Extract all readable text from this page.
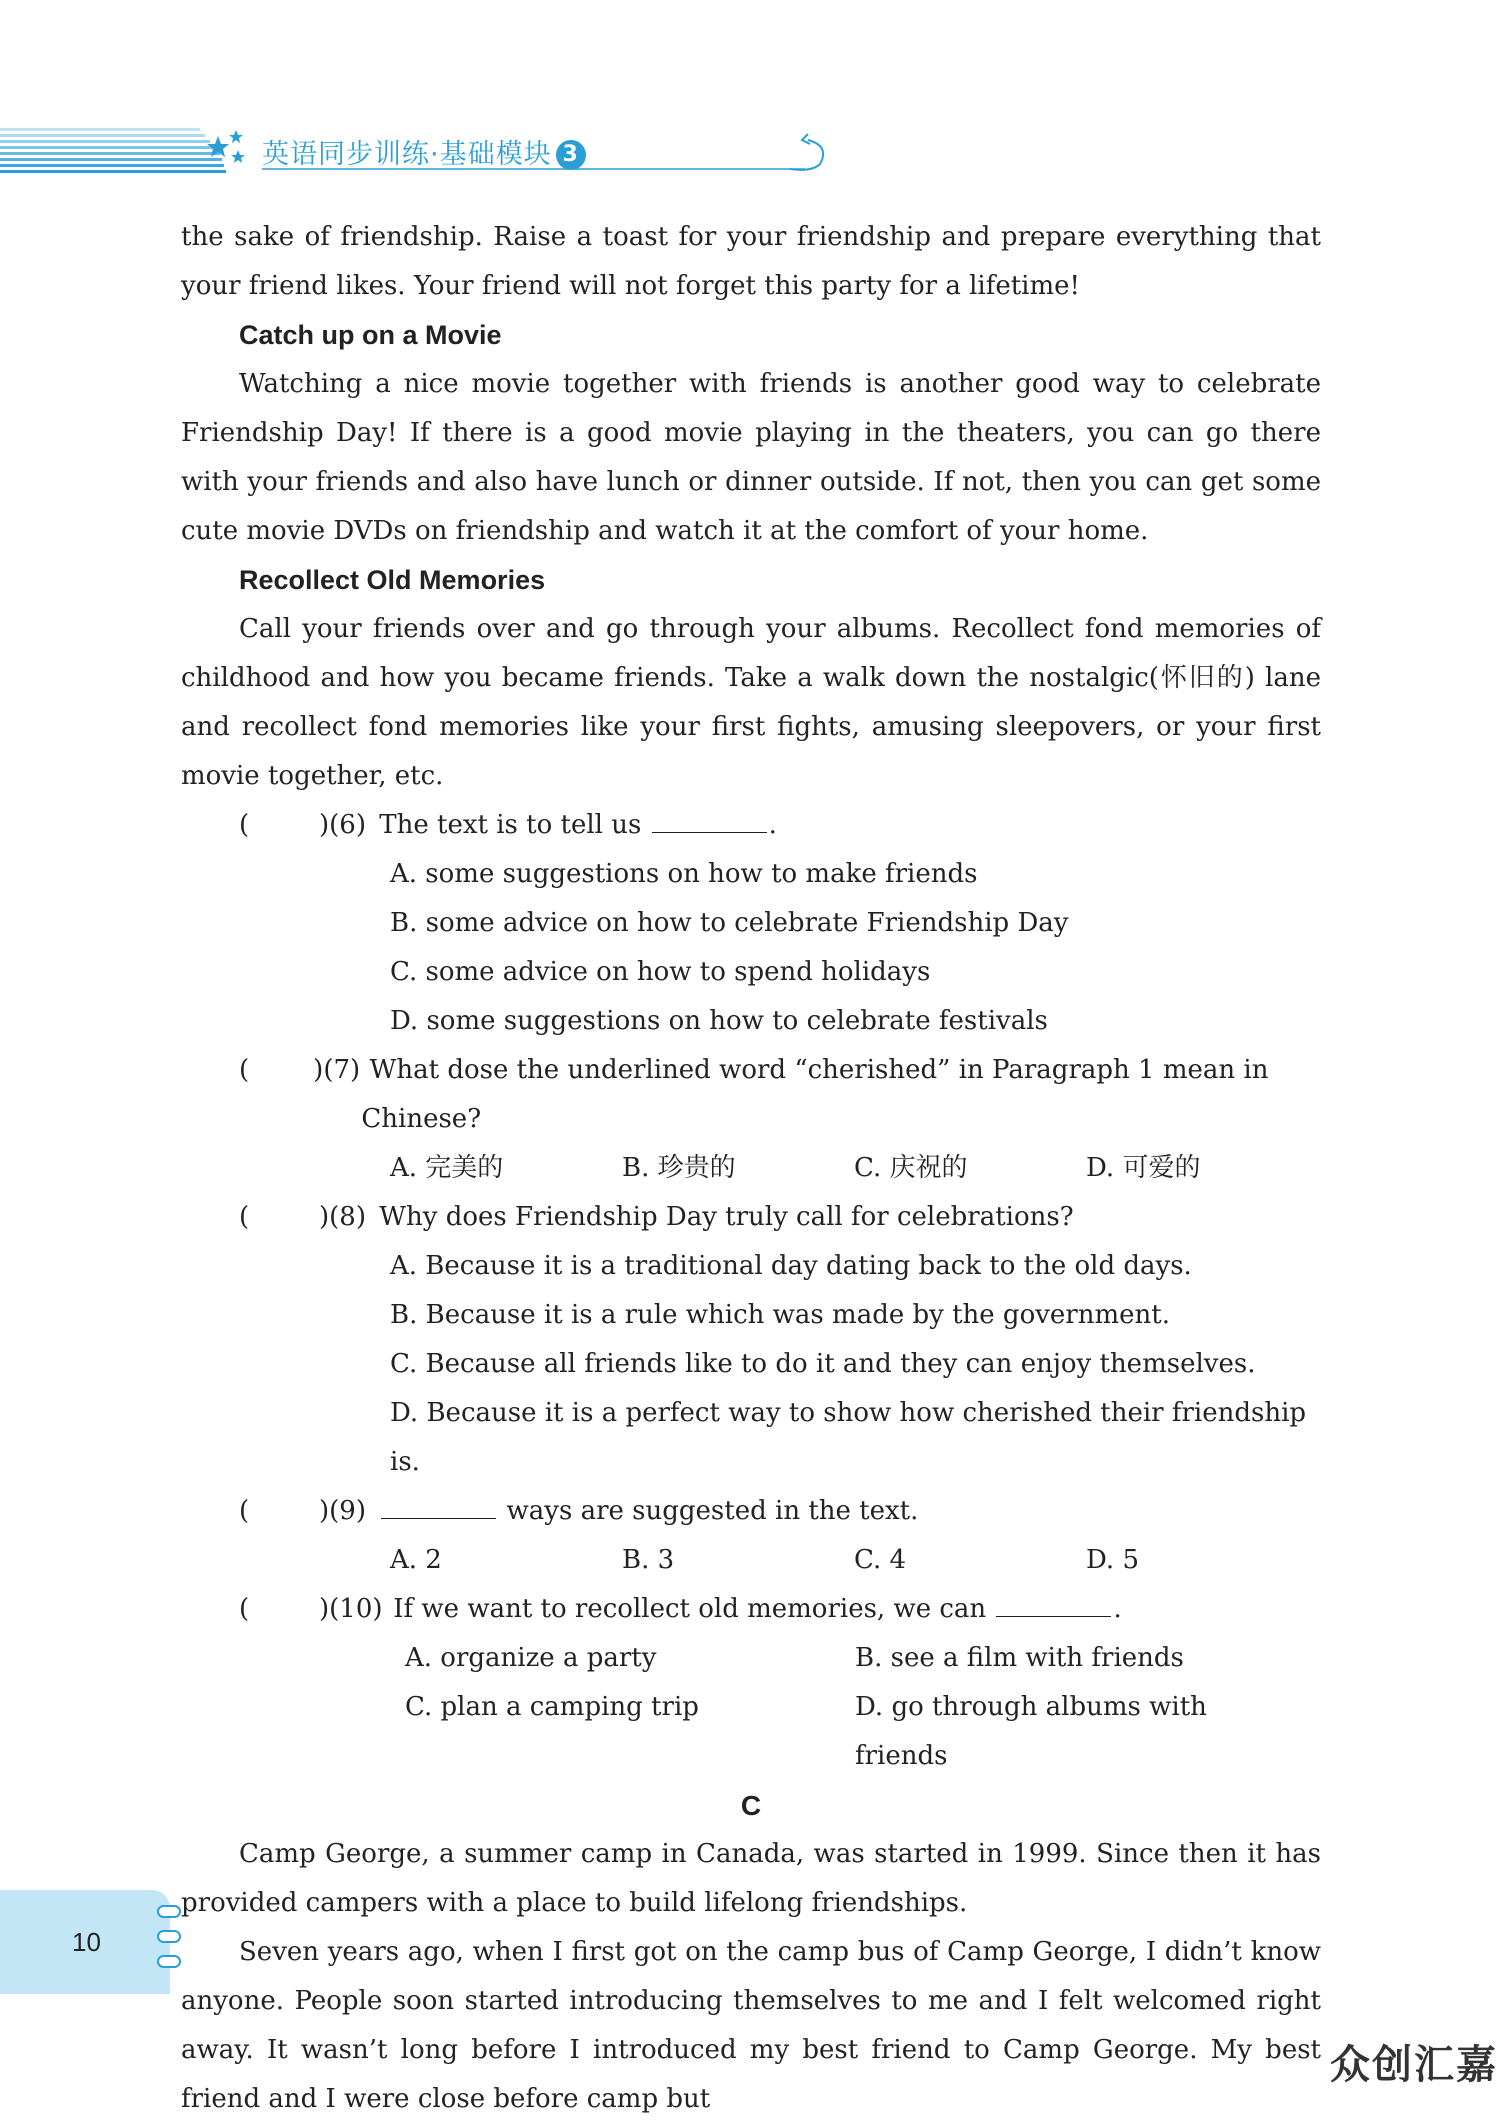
英语同步训练·基础模块 3

the sake of friendship. Raise a toast for your friendship and prepare everything that your friend likes. Your friend will not forget this party for a lifetime!

Catch up on a Movie

Watching a nice movie together with friends is another good way to celebrate Friendship Day! If there is a good movie playing in the theaters, you can go there with your friends and also have lunch or dinner outside. If not, then you can get some cute movie DVDs on friendship and watch it at the comfort of your home.

Recollect Old Memories

Call your friends over and go through your albums. Recollect fond memories of childhood and how you became friends. Take a walk down the nostalgic(怀旧的) lane and recollect fond memories like your first fights, amusing sleepovers, or your first movie together, etc.

(	)(6) The text is to tell us	.
A. some suggestions on how to make friends
B. some advice on how to celebrate Friendship Day
C. some advice on how to spend holidays
D. some suggestions on how to celebrate festivals
(	)(7) What dose the underlined word “cherished” in Paragraph 1 mean in Chinese?
A. 完美的	B. 珍贵的	C. 庆祝的	D. 可爱的
(	)(8) Why does Friendship Day truly call for celebrations?
A. Because it is a traditional day dating back to the old days.
B. Because it is a rule which was made by the government.
C. Because all friends like to do it and they can enjoy themselves.
D. Because it is a perfect way to show how cherished their friendship is.
(	)(9)	ways are suggested in the text.
A. 2	B. 3	C. 4	D. 5
(	)(10) If we want to recollect old memories, we can	.
A. organize a party	B. see a film with friends
C. plan a camping trip	D. go through albums with friends
C

Camp George, a summer camp in Canada, was started in 1999. Since then it has provided campers with a place to build lifelong friendships.

Seven years ago, when I first got on the camp bus of Camp George, I didn’t know anyone. People soon started introducing themselves to me and I felt welcomed right away. It wasn’t long before I introduced my best friend to Camp George. My best friend and I were close before camp but

10
众创汇嘉
